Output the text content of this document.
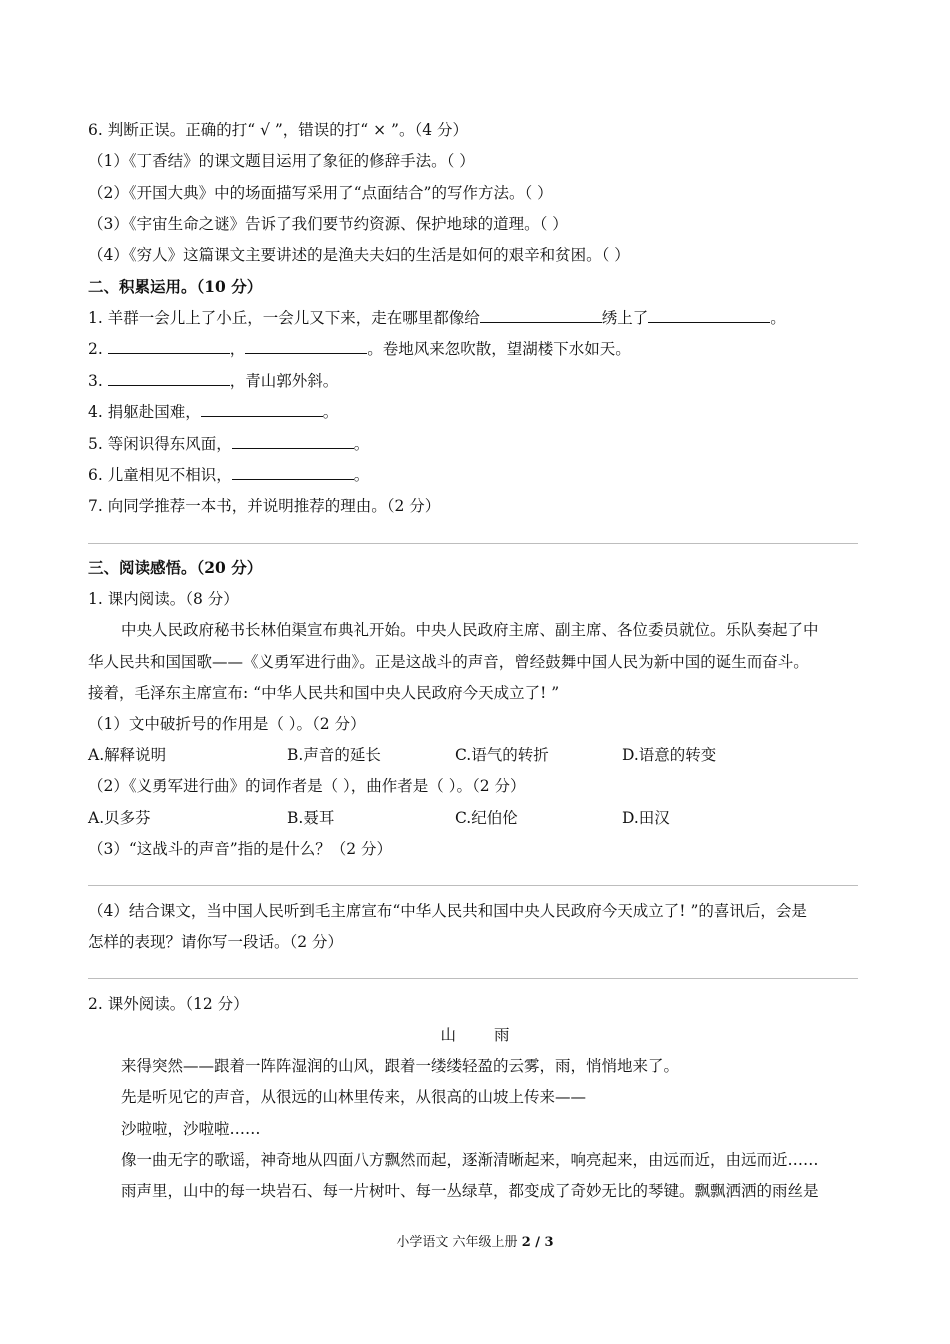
6. 判断正误。正确的打“ √ ”，错误的打“ × ”。（4 分）
（1）《丁香结》的课文题目运用了象征的修辞手法。（ ）
（2）《开国大典》中的场面描写采用了“点面结合”的写作方法。（ ）
（3）《宇宙生命之谜》告诉了我们要节约资源、保护地球的道理。（ ）
（4）《穷人》这篇课文主要讲述的是渔夫夫妇的生活是如何的艰辛和贫困。（ ）
二、积累运用。（10 分）
1. 羊群一会儿上了小丘，一会儿又下来，走在哪里都像给	绣上了	。
2.	，	。卷地风来忽吹散，望湖楼下水如天。
3.	，青山郭外斜。
4. 捐躯赴国难，	。
5. 等闲识得东风面，	。
6. 儿童相见不相识，	。
7. 向同学推荐一本书，并说明推荐的理由。（2 分）
三、阅读感悟。（20 分）
1. 课内阅读。（8 分）
中央人民政府秘书长林伯渠宣布典礼开始。中央人民政府主席、副主席、各位委员就位。乐队奏起了中
华人民共和国国歌——《义勇军进行曲》。正是这战斗的声音，曾经鼓舞中国人民为新中国的诞生而奋斗。
接着，毛泽东主席宣布: “中华人民共和国中央人民政府今天成立了! ”
（1）文中破折号的作用是（ ）。（2 分）
A.解释说明	B.声音的延长	C.语气的转折	D.语意的转变
（2）《义勇军进行曲》的词作者是（ ），曲作者是（ ）。（2 分）
A.贝多芬	B.聂耳	C.纪伯伦	D.田汉
（3）“这战斗的声音”指的是什么？（2 分）
（4）结合课文，当中国人民听到毛主席宣布“中华人民共和国中央人民政府今天成立了! ”的喜讯后，会是
怎样的表现？请你写一段话。（2 分）
2. 课外阅读。（12 分）
山 雨
来得突然——跟着一阵阵湿润的山风，跟着一缕缕轻盈的云雾，雨，悄悄地来了。
先是听见它的声音，从很远的山林里传来，从很高的山坡上传来——
沙啦啦，沙啦啦……
像一曲无字的歌谣，神奇地从四面八方飘然而起，逐渐清晰起来，响亮起来，由远而近，由远而近……
雨声里，山中的每一块岩石、每一片树叶、每一丛绿草，都变成了奇妙无比的琴键。飘飘洒洒的雨丝是
小学语文 六年级上册 2 / 3
